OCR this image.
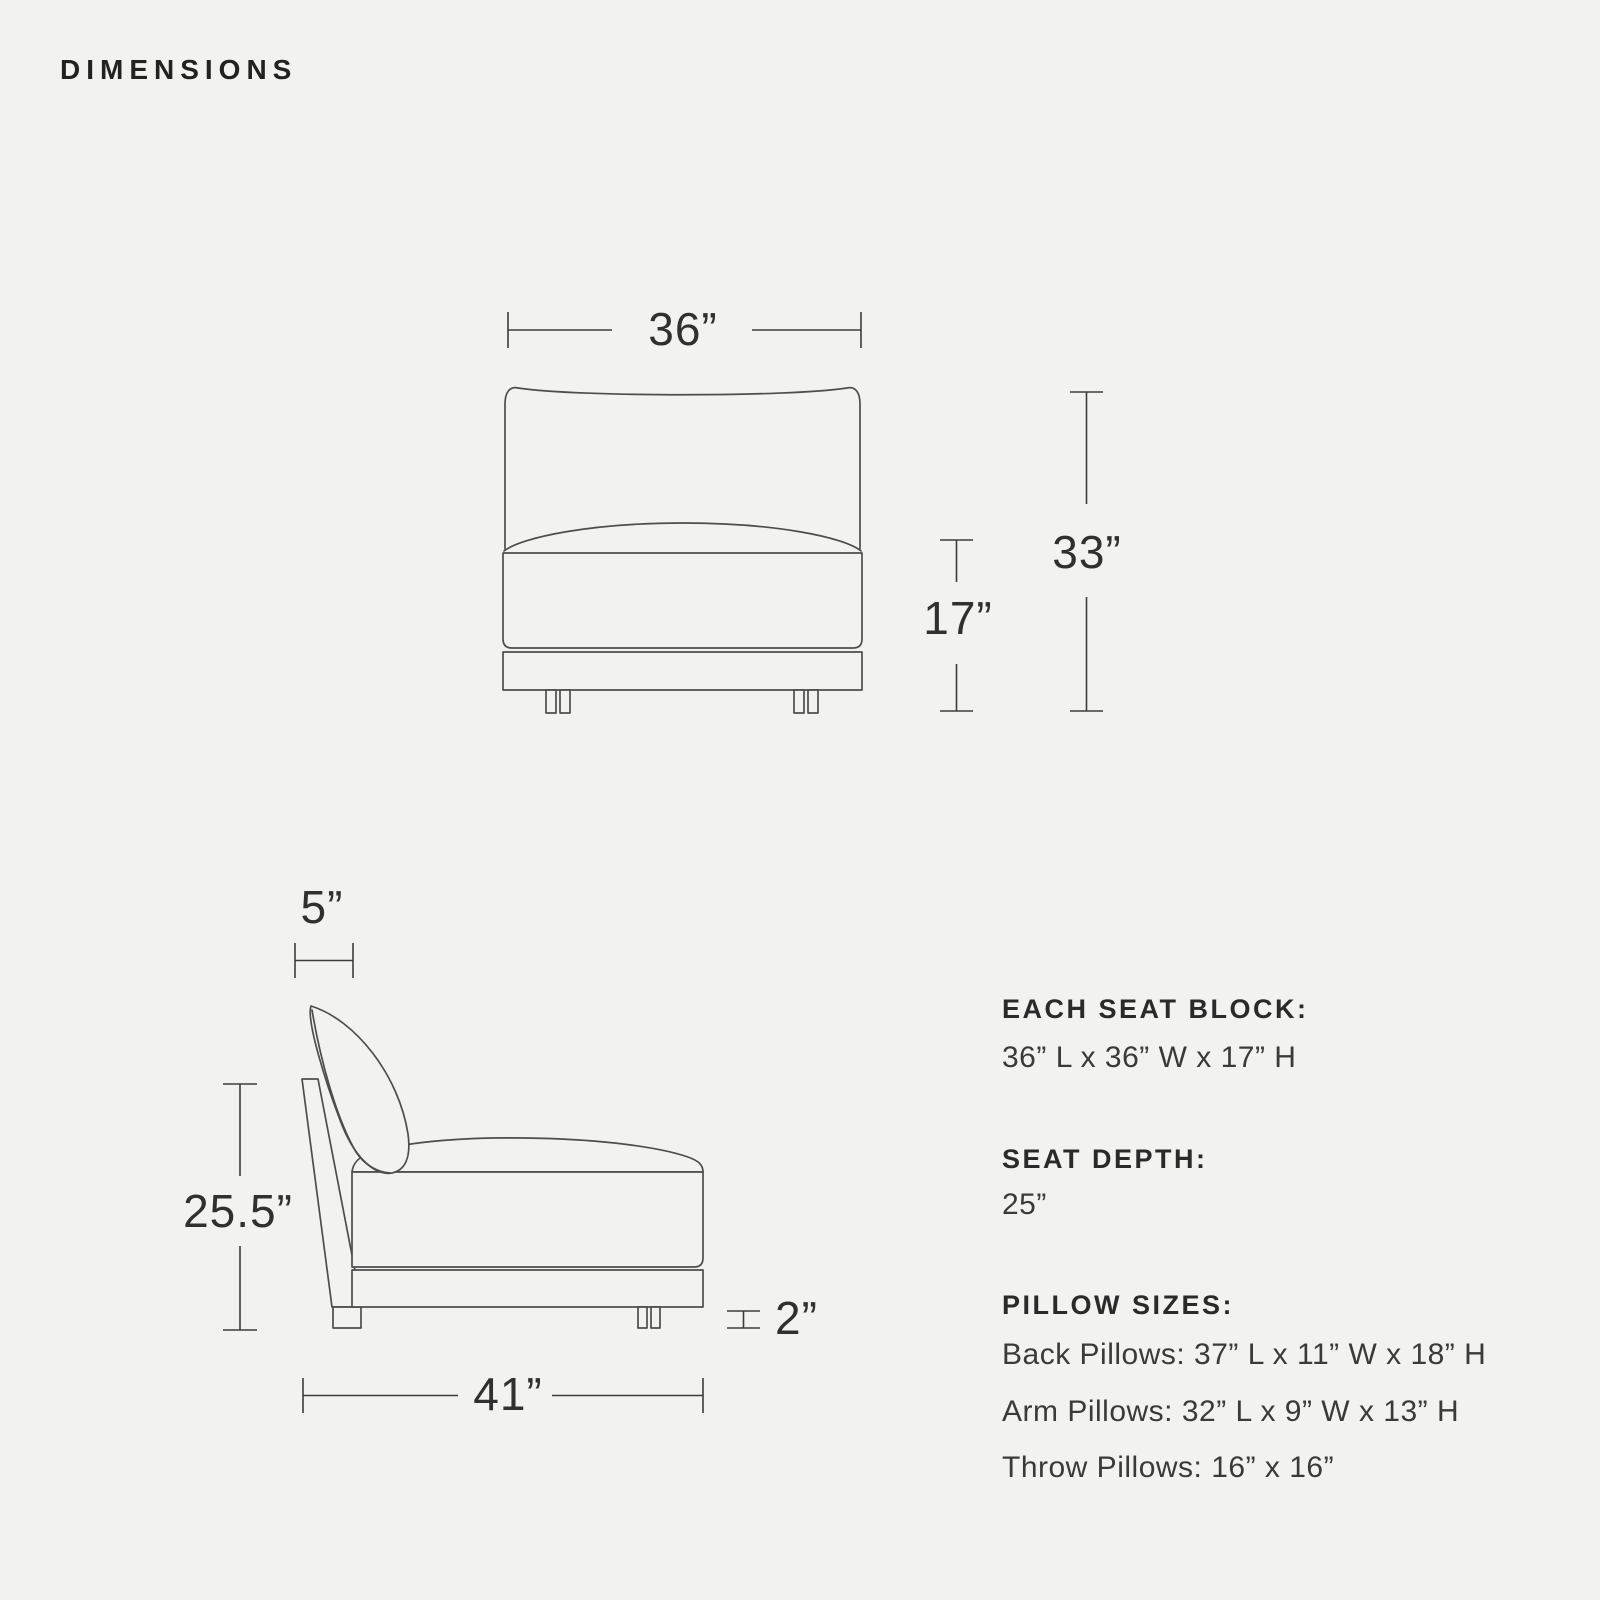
DIMENSIONS
36”
17”
33”
5”
25.5”
2”
41”
EACH SEAT BLOCK:
36” L x 36” W x 17” H
SEAT DEPTH:
25”
PILLOW SIZES:
Back Pillows: 37” L x 11” W x 18” H
Arm Pillows: 32” L x 9” W x 13” H
Throw Pillows: 16” x 16”
